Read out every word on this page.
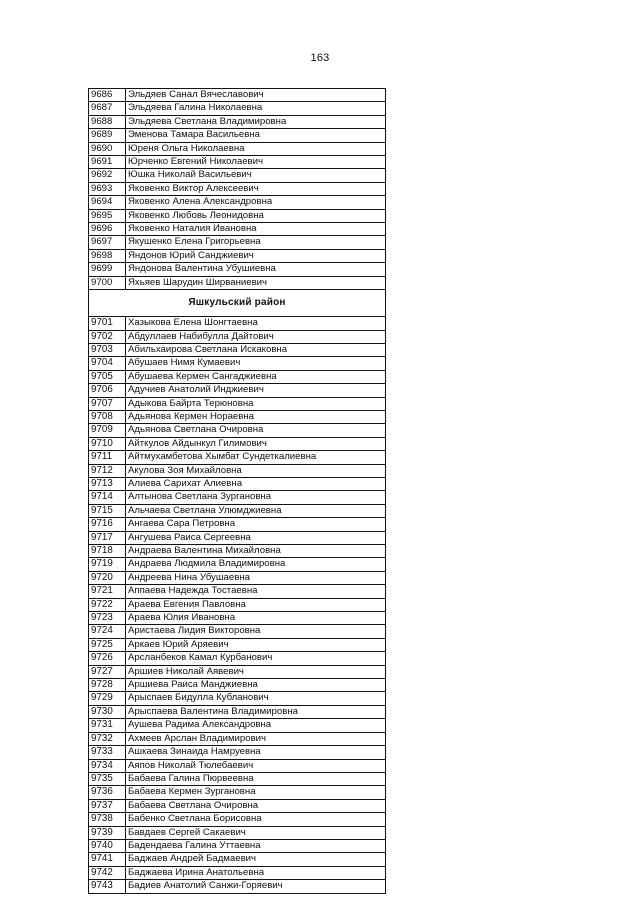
163
9686	Эльдяев Санал Вячеславович
9687	Эльдяева Галина Николаевна
9688	Эльдяева Светлана Владимировна
9689	Эменова Тамара Васильевна
9690	Юреня Ольга Николаевна
9691	Юрченко Евгений Николаевич
9692	Юшка Николай Васильевич
9693	Яковенко Виктор Алексеевич
9694	Яковенко Алена Александровна
9695	Яковенко Любовь Леонидовна
9696	Яковенко Наталия Ивановна
9697	Якушенко Елена Григорьевна
9698	Яндонов Юрий Санджиевич
9699	Яндонова Валентина Убушиевна
9700	Яхьяев Шарудин Ширваниевич
Яшкульский район	
9701	Хазыкова Елена Шонгтаевна
9702	Абдуллаев Набибулла Дайтович
9703	Абильхаирова Светлана Искаковна
9704	Абушаев Нимя Кумаевич
9705	Абушаева Кермен Сангаджиевна
9706	Адучиев Анатолий Инджиевич
9707	Адыкова Байрта Терюновна
9708	Адьянова Кермен Нораевна
9709	Адьянова Светлана Очировна
9710	Айткулов Айдынкул Гилимович
9711	Айтмухамбетова Хымбат Сундеткалиевна
9712	Акулова Зоя Михайловна
9713	Алиева Сарихат Алиевна
9714	Алтынова Светлана Зургановна
9715	Альчаева Светлана Улюмджиевна
9716	Ангаева Сара Петровна
9717	Ангушева Раиса Сергеевна
9718	Андраева Валентина Михайловна
9719	Андраева Людмила Владимировна
9720	Андреева Нина Убушаевна
9721	Аппаева Надежда Тостаевна
9722	Араева Евгения Павловна
9723	Араева Юлия Ивановна
9724	Аристаева Лидия Викторовна
9725	Аркаев Юрий Аряевич
9726	Арсланбеков Камал Курбанович
9727	Аршиев Николай Аявевич
9728	Аршиева Раиса Манджиевна
9729	Арыспаев Бидулла Кубланович
9730	Арыспаева Валентина Владимировна
9731	Аушева Радима Александровна
9732	Ахмеев Арслан Владимирович
9733	Ашкаева Зинаида Намруевна
9734	Аяпов Николай Тюлебаевич
9735	Бабаева Галина Пюрвеевна
9736	Бабаева Кермен Зургановна
9737	Бабаева Светлана Очировна
9738	Бабенко Светлана Борисовна
9739	Бавдаев Сергей Сакаевич
9740	Бадендаева Галина Уттаевна
9741	Баджаев Андрей Бадмаевич
9742	Баджаева Ирина Анатольевна
9743	Бадиев Анатолий Санжи-Горяевич
